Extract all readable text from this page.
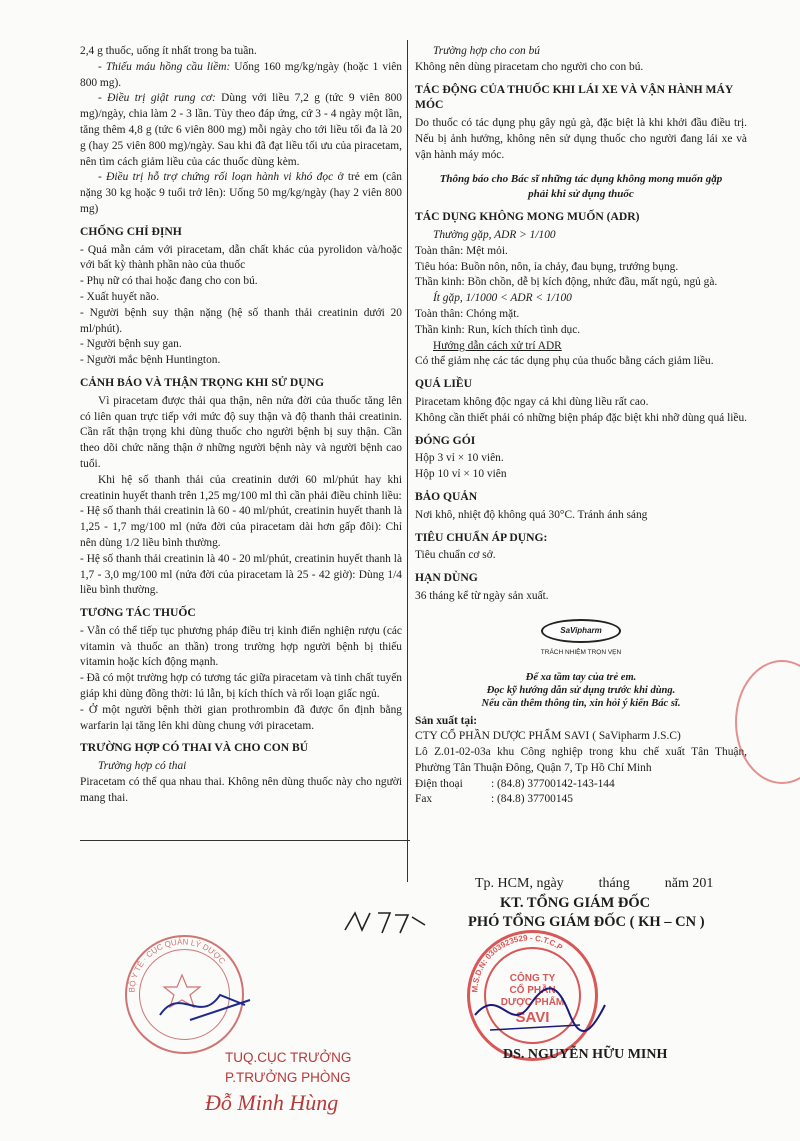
2,4 g thuốc, uống ít nhất trong ba tuần.

- Thiếu máu hồng cầu liềm: Uống 160 mg/kg/ngày (hoặc 1 viên 800 mg).

- Điều trị giật rung cơ: Dùng với liều 7,2 g (tức 9 viên 800 mg)/ngày, chia làm 2 - 3 lần. Tùy theo đáp ứng, cứ 3 - 4 ngày một lần, tăng thêm 4,8 g (tức 6 viên 800 mg) mỗi ngày cho tới liều tối đa là 20 g (hay 25 viên 800 mg)/ngày. Sau khi đã đạt liều tối ưu của piracetam, nên tìm cách giảm liều của các thuốc dùng kèm.

- Điều trị hỗ trợ chứng rối loạn hành vi khó đọc ở trẻ em (cân nặng 30 kg hoặc 9 tuổi trở lên): Uống 50 mg/kg/ngày (hay 2 viên 800 mg)

CHỐNG CHỈ ĐỊNH

- Quá mẫn cảm với piracetam, dẫn chất khác của pyrolidon và/hoặc với bất kỳ thành phần nào của thuốc

- Phụ nữ có thai hoặc đang cho con bú.

- Xuất huyết não.

- Người bệnh suy thận nặng (hệ số thanh thải creatinin dưới 20 ml/phút).

- Người bệnh suy gan.

- Người mắc bệnh Huntington.

CẢNH BÁO VÀ THẬN TRỌNG KHI SỬ DỤNG

Vì piracetam được thải qua thận, nên nửa đời của thuốc tăng lên có liên quan trực tiếp với mức độ suy thận và độ thanh thải creatinin. Cần rất thận trọng khi dùng thuốc cho người bệnh bị suy thận. Cần theo dõi chức năng thận ở những người bệnh này và người bệnh cao tuổi.

Khi hệ số thanh thải của creatinin dưới 60 ml/phút hay khi creatinin huyết thanh trên 1,25 mg/100 ml thì cần phải điều chỉnh liều:

- Hệ số thanh thải creatinin là 60 - 40 ml/phút, creatinin huyết thanh là 1,25 - 1,7 mg/100 ml (nửa đời của piracetam dài hơn gấp đôi): Chỉ nên dùng 1/2 liều bình thường.

- Hệ số thanh thải creatinin là 40 - 20 ml/phút, creatinin huyết thanh là 1,7 - 3,0 mg/100 ml (nửa đời của piracetam là 25 - 42 giờ): Dùng 1/4 liều bình thường.

TƯƠNG TÁC THUỐC

- Vẫn có thể tiếp tục phương pháp điều trị kinh điển nghiện rượu (các vitamin và thuốc an thần) trong trường hợp người bệnh bị thiếu vitamin hoặc kích động mạnh.

- Đã có một trường hợp có tương tác giữa piracetam và tinh chất tuyến giáp khi dùng đồng thời: lú lẫn, bị kích thích và rối loạn giấc ngủ.

- Ở một người bệnh thời gian prothrombin đã được ổn định bằng warfarin lại tăng lên khi dùng chung với piracetam.

TRƯỜNG HỢP CÓ THAI VÀ CHO CON BÚ

Trường hợp có thai

Piracetam có thể qua nhau thai. Không nên dùng thuốc này cho người mang thai.

Trường hợp cho con bú

Không nên dùng piracetam cho người cho con bú.

TÁC ĐỘNG CỦA THUỐC KHI LÁI XE VÀ VẬN HÀNH MÁY MÓC

Do thuốc có tác dụng phụ gây ngủ gà, đặc biệt là khi khởi đầu điều trị. Nếu bị ảnh hưởng, không nên sử dụng thuốc cho người đang lái xe và vận hành máy móc.

Thông báo cho Bác sĩ những tác dụng không mong muốn gặp phải khi sử dụng thuốc

TÁC DỤNG KHÔNG MONG MUỐN (ADR)

Thường gặp, ADR > 1/100

Toàn thân: Mệt mỏi.

Tiêu hóa: Buồn nôn, nôn, ỉa chảy, đau bụng, trướng bụng.

Thần kinh: Bồn chồn, dễ bị kích động, nhức đầu, mất ngủ, ngủ gà.

Ít gặp, 1/1000 < ADR < 1/100

Toàn thân: Chóng mặt.

Thần kinh: Run, kích thích tình dục.

Hướng dẫn cách xử trí ADR

Có thể giảm nhẹ các tác dụng phụ của thuốc bằng cách giảm liều.

QUÁ LIỀU

Piracetam không độc ngay cả khi dùng liều rất cao.

Không cần thiết phải có những biện pháp đặc biệt khi nhỡ dùng quá liều.

ĐÓNG GÓI

Hộp 3 vỉ × 10 viên.

Hộp 10 vỉ × 10 viên

BẢO QUẢN

Nơi khô, nhiệt độ không quá 30°C. Tránh ánh sáng

TIÊU CHUẨN ÁP DỤNG:

Tiêu chuẩn cơ sở.

HẠN DÙNG

36 tháng kể từ ngày sản xuất.

SaVipharm
TRÁCH NHIỆM TRỌN VẸN

Để xa tầm tay của trẻ em.

Đọc kỹ hướng dẫn sử dụng trước khi dùng.

Nếu cần thêm thông tin, xin hỏi ý kiến Bác sĩ.

Sản xuất tại:

CTY CỔ PHẦN DƯỢC PHẨM SAVI ( SaVipharm J.S.C)

Lô Z.01-02-03a khu Công nghiệp trong khu chế xuất Tân Thuận, Phường Tân Thuận Đông, Quận 7, Tp Hồ Chí Minh

Điện thoại	: (84.8) 37700142-143-144
Fax	: (84.8) 37700145
Tp. HCM, ngày          tháng          năm 201
KT. TỔNG GIÁM ĐỐC
PHÓ TỔNG GIÁM ĐỐC ( KH – CN )
M.S.D.N: 0303923529 - C.T.C.P
CÔNG TY
CỔ PHẦN
DƯỢC PHẨM
SAVI
DS. NGUYỄN HỮU MINH
BỘ Y TẾ · CỤC QUẢN LÝ DƯỢC
TUQ.CỤC TRƯỞNG
P.TRƯỞNG PHÒNG
Đỗ Minh Hùng
